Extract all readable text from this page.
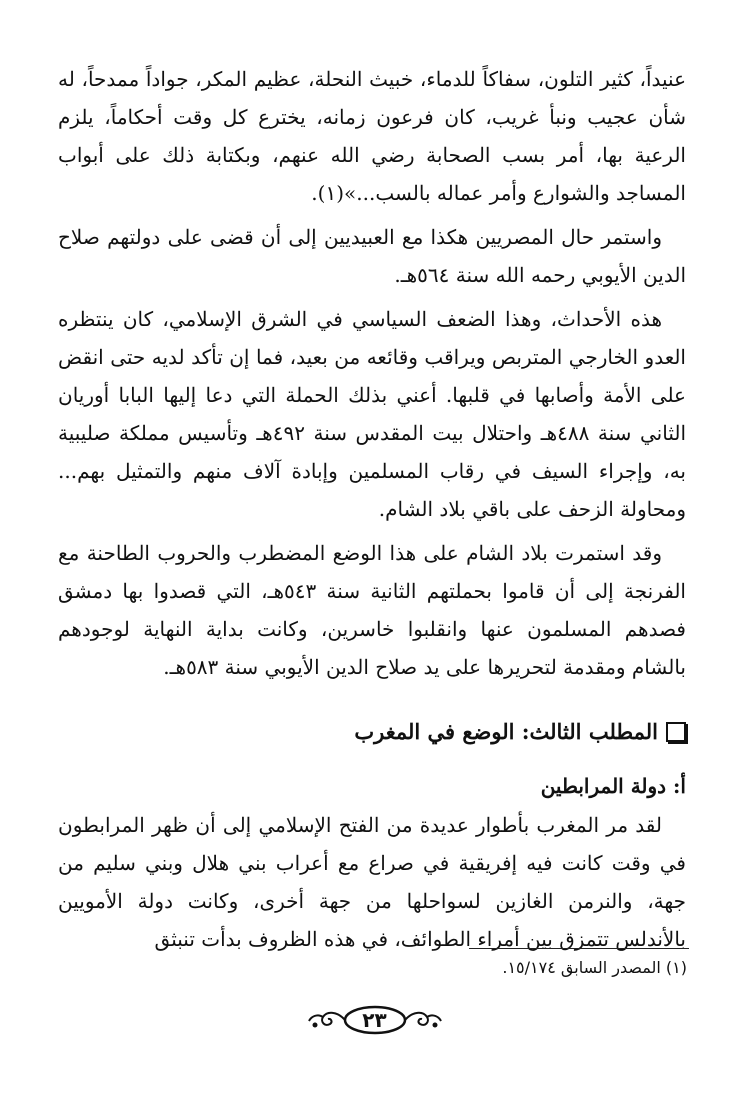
عنيداً، كثير التلون، سفاكاً للدماء، خبيث النحلة، عظيم المكر، جواداً ممدحاً، له شأن عجيب ونبأ غريب، كان فرعون زمانه، يخترع كل وقت أحكاماً، يلزم الرعية بها، أمر بسب الصحابة رضي الله عنهم، وبكتابة ذلك على أبواب المساجد والشوارع وأمر عماله بالسب...»(١).

واستمر حال المصريين هكذا مع العبيديين إلى أن قضى على دولتهم صلاح الدين الأيوبي رحمه الله سنة ٥٦٤هـ.

هذه الأحداث، وهذا الضعف السياسي في الشرق الإسلامي، كان ينتظره العدو الخارجي المتربص ويراقب وقائعه من بعيد، فما إن تأكد لديه حتى انقض على الأمة وأصابها في قلبها. أعني بذلك الحملة التي دعا إليها البابا أوريان الثاني سنة ٤٨٨هـ واحتلال بيت المقدس سنة ٤٩٢هـ وتأسيس مملكة صليبية به، وإجراء السيف في رقاب المسلمين وإبادة آلاف منهم والتمثيل بهم... ومحاولة الزحف على باقي بلاد الشام.

وقد استمرت بلاد الشام على هذا الوضع المضطرب والحروب الطاحنة مع الفرنجة إلى أن قاموا بحملتهم الثانية سنة ٥٤٣هـ، التي قصدوا بها دمشق فصدهم المسلمون عنها وانقلبوا خاسرين، وكانت بداية النهاية لوجودهم بالشام ومقدمة لتحريرها على يد صلاح الدين الأيوبي سنة ٥٨٣هـ.

المطلب الثالث: الوضع في المغرب
أ: دولة المرابطين

لقد مر المغرب بأطوار عديدة من الفتح الإسلامي إلى أن ظهر المرابطون في وقت كانت فيه إفريقية في صراع مع أعراب بني هلال وبني سليم من جهة، والنرمن الغازين لسواحلها من جهة أخرى، وكانت دولة الأمويين بالأندلس تتمزق بين أمراء الطوائف، في هذه الظروف بدأت تنبثق

(١) المصدر السابق ١٥/١٧٤.
٢٣
